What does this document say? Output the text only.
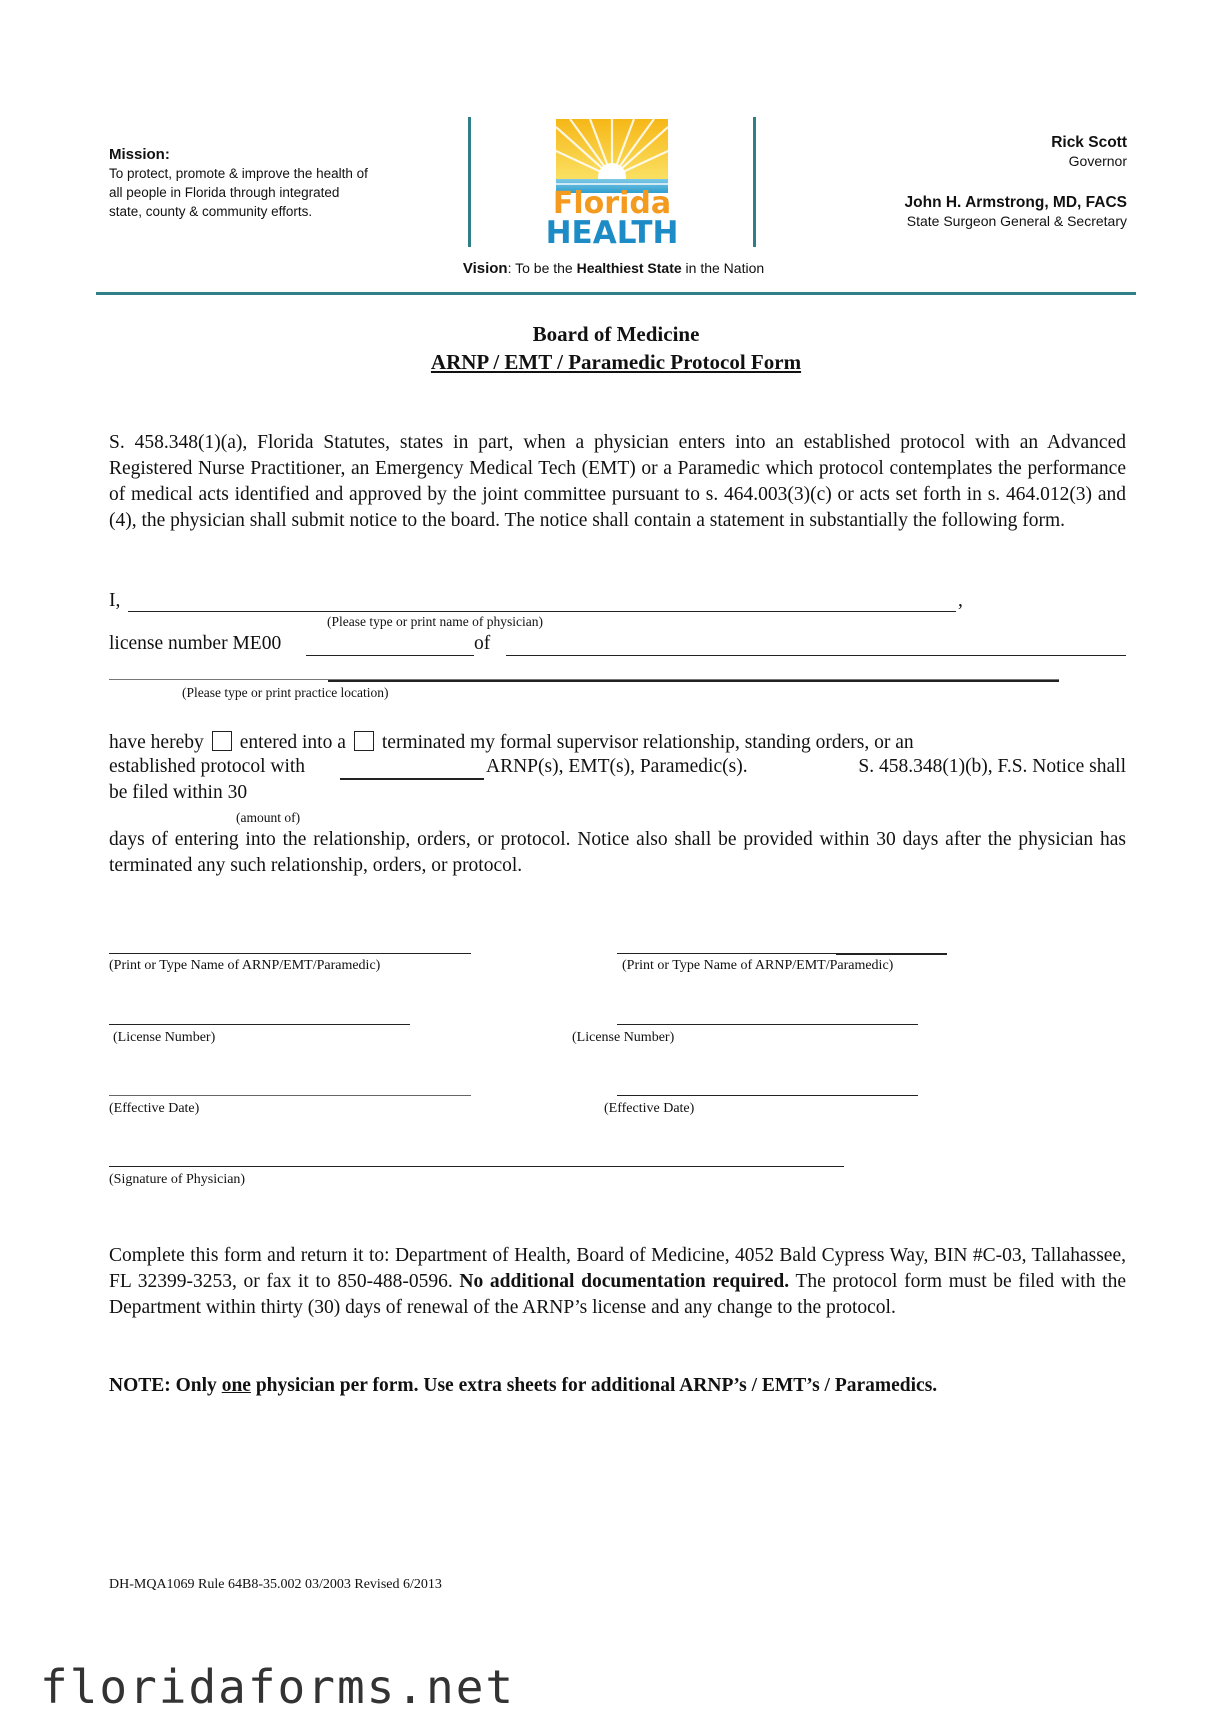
Mission:
To protect, promote & improve the health of all people in Florida through integrated state, county & community efforts.	Florida
HEALTH
Rick Scott
Governor
John H. Armstrong, MD, FACS
State Surgeon General & Secretary
Vision: To be the Healthiest State in the Nation
Board of Medicine
ARNP / EMT / Paramedic Protocol Form
S. 458.348(1)(a), Florida Statutes, states in part, when a physician enters into an established protocol with an Advanced Registered Nurse Practitioner, an Emergency Medical Tech (EMT) or a Paramedic which protocol contemplates the performance of medical acts identified and approved by the joint committee pursuant to s. 464.003(3)(c) or acts set forth in s. 464.012(3) and (4), the physician shall submit notice to the board. The notice shall contain a statement in substantially the following form.
I,	,
(Please type or print name of physician)
license number ME00	of
(Please type or print practice location)
have hereby entered into a terminated my formal supervisor relationship, standing orders, or an
established protocol with	ARNP(s), EMT(s), Paramedic(s).	S. 458.348(1)(b), F.S. Notice shall
be filed within 30
(amount of)
days of entering into the relationship, orders, or protocol. Notice also shall be provided within 30 days after the physician has terminated any such relationship, orders, or protocol.
(Print or Type Name of ARNP/EMT/Paramedic)	(Print or Type Name of ARNP/EMT/Paramedic)
(License Number)	(License Number)
(Effective Date)	(Effective Date)
(Signature of Physician)
Complete this form and return it to: Department of Health, Board of Medicine, 4052 Bald Cypress Way, BIN #C-03, Tallahassee, FL 32399-3253, or fax it to 850-488-0596. No additional documentation required. The protocol form must be filed with the Department within thirty (30) days of renewal of the ARNP’s license and any change to the protocol.
NOTE: Only one physician per form. Use extra sheets for additional ARNP’s / EMT’s / Paramedics.
DH-MQA1069 Rule 64B8-35.002 03/2003 Revised 6/2013
floridaforms.net
